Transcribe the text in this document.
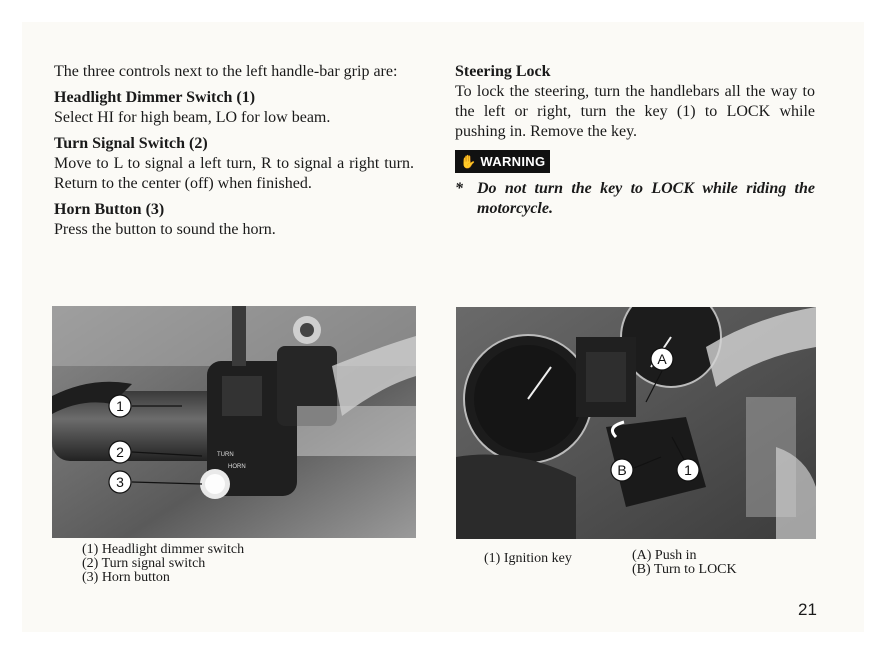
The three controls next to the left handle-bar grip are:

Headlight Dimmer Switch (1)

Select HI for high beam, LO for low beam.

Turn Signal Switch (2)

Move to L to signal a left turn, R to signal a right turn. Return to the center (off) when finished.

Horn Button (3)

Press the button to sound the horn.

Steering Lock

To lock the steering, turn the handlebars all the way to the left or right, turn the key (1) to LOCK while pushing in. Remove the key.

✋ WARNING
* Do not turn the key to LOCK while riding the motorcycle.
TURN
HORN
1
2
3
A
B	1

(1) Headlight dimmer switch

(2) Turn signal switch

(3) Horn button

(1) Ignition key	(A) Push in

(B) Turn to LOCK

21
